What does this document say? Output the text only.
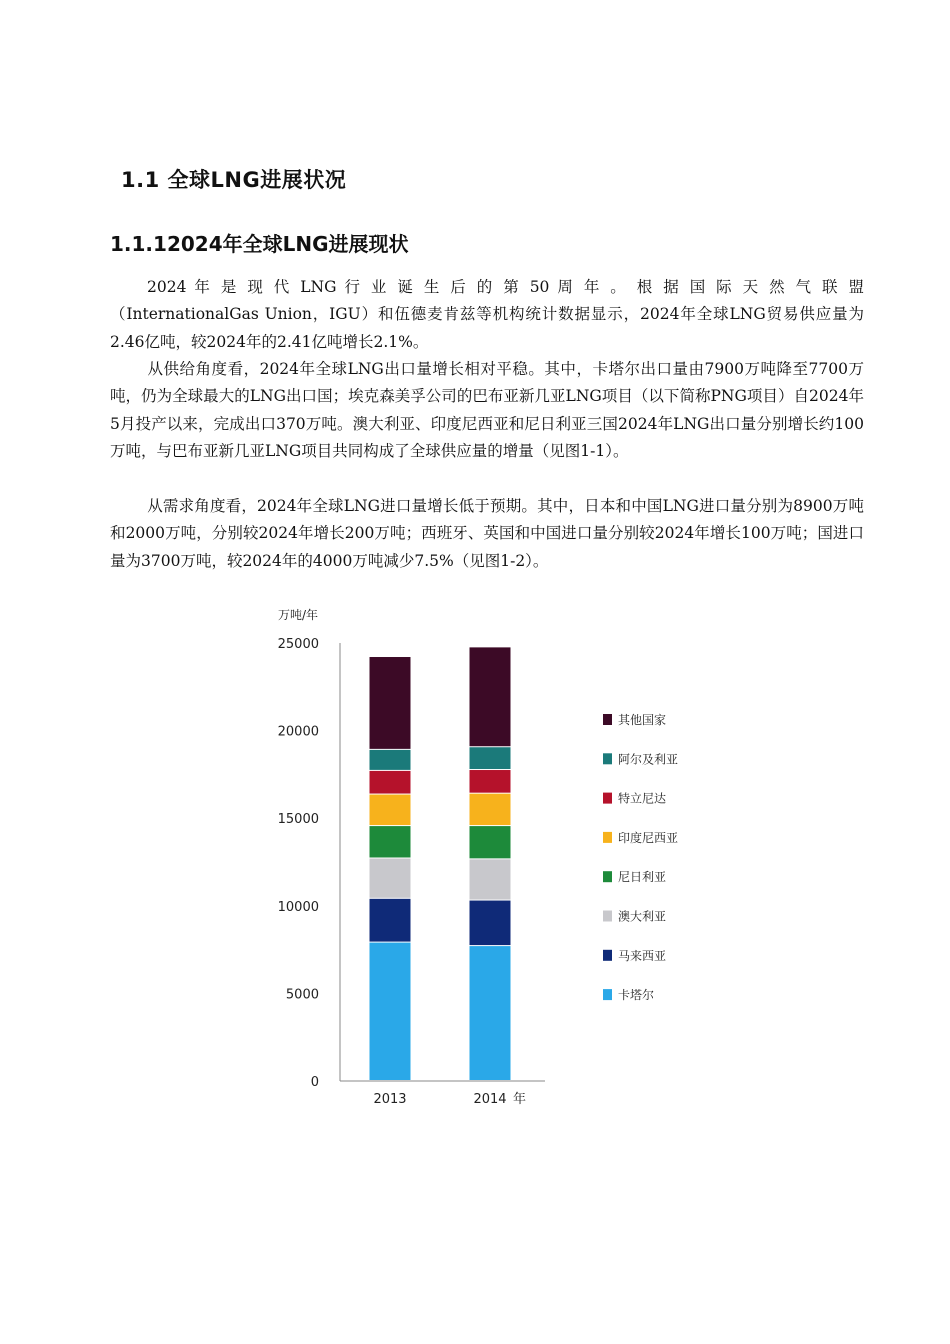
1.1 全球LNG进展状况
1.1.12024年全球LNG进展现状

2024 年 是 现 代 LNG 行 业 诞 生 后 的 第 50 周 年 。 根 据 国 际 天 然 气 联 盟（InternationalGas Union，IGU）和伍德麦肯兹等机构统计数据显示，2024年全球LNG贸易供应量为2.46亿吨，较2024年的2.41亿吨增长2.1%。

从供给角度看，2024年全球LNG出口量增长相对平稳。其中，卡塔尔出口量由7900万吨降至7700万吨，仍为全球最大的LNG出口国；埃克森美孚公司的巴布亚新几亚LNG项目（以下简称PNG项目）自2024年5月投产以来，完成出口370万吨。澳大利亚、印度尼西亚和尼日利亚三国2024年LNG出口量分别增长约100万吨，与巴布亚新几亚LNG项目共同构成了全球供应量的增量（见图1-1）。

从需求角度看，2024年全球LNG进口量增长低于预期。其中，日本和中国LNG进口量分别为8900万吨和2000万吨，分别较2024年增长200万吨；西班牙、英国和中国进口量分别较2024年增长100万吨；国进口量为3700万吨，较2024年的4000万吨减少7.5%（见图1-2）。

万吨/年
0
5000
10000
15000
20000
25000
2013	2014 年
其他国家
阿尔及利亚
特立尼达
印度尼西亚
尼日利亚
澳大利亚
马来西亚
卡塔尔
